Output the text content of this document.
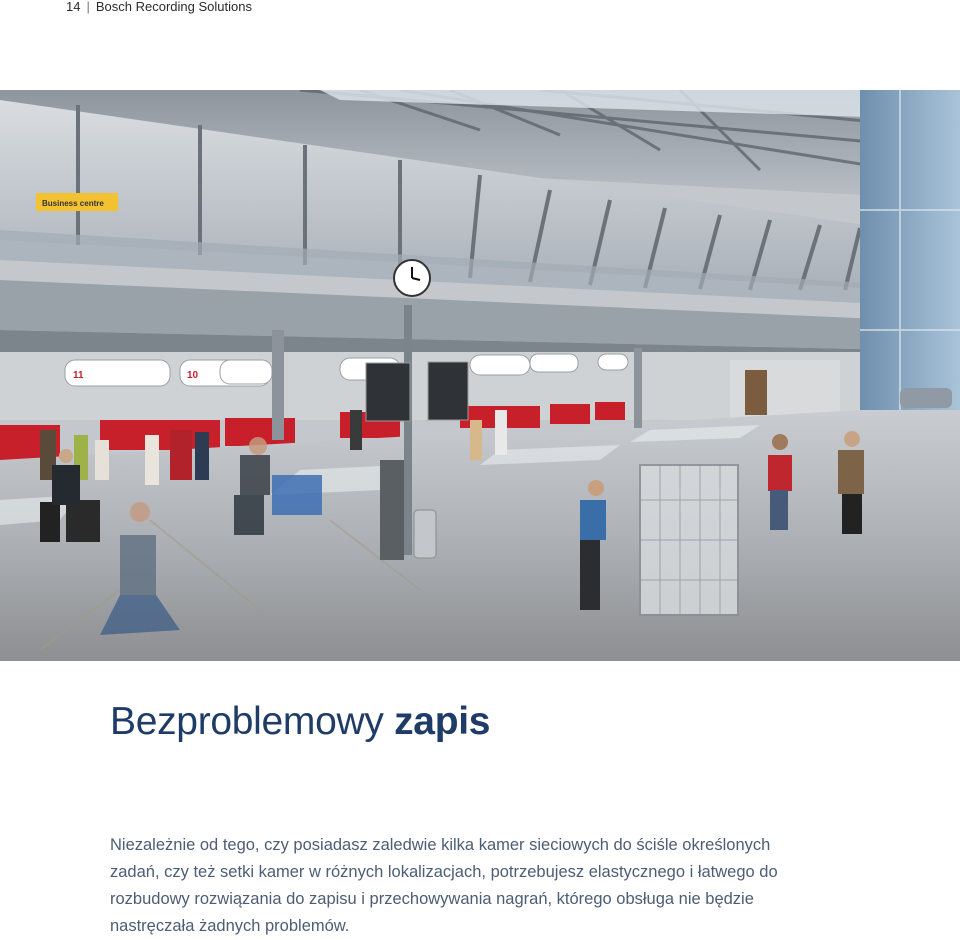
14 | Bosch Recording Solutions
Business centre
11	10
Bezproblemowy zapis

Niezależnie od tego, czy posiadasz zaledwie kilka kamer sieciowych do ściśle określonych

zadań, czy też setki kamer w różnych lokalizacjach, potrzebujesz elastycznego i łatwego do

rozbudowy rozwiązania do zapisu i przechowywania nagrań, którego obsługa nie będzie

nastręczała żadnych problemów.
